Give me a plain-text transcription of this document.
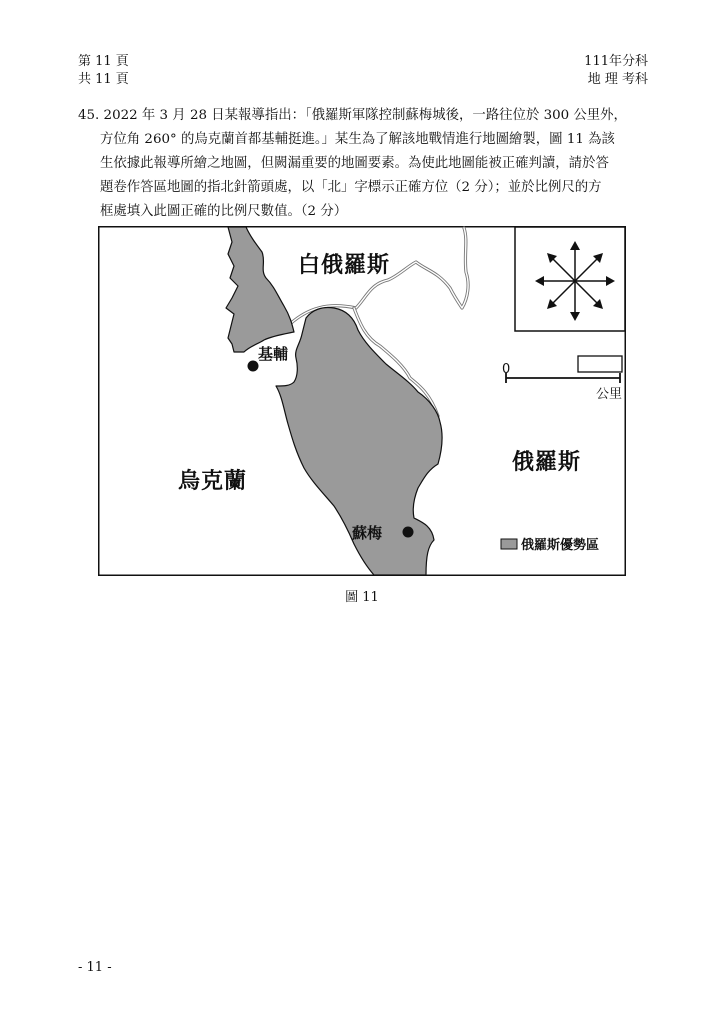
第 11 頁
共 11 頁
111年分科
地 理 考科
45. 2022 年 3 月 28 日某報導指出：「俄羅斯軍隊控制蘇梅城後，一路往位於 300 公里外，
方位角 260° 的烏克蘭首都基輔挺進。」某生為了解該地戰情進行地圖繪製，圖 11 為該
生依據此報導所繪之地圖，但闕漏重要的地圖要素。為使此地圖能被正確判讀，請於答
題卷作答區地圖的指北針箭頭處，以「北」字標示正確方位（2 分）；並於比例尺的方
框處填入此圖正確的比例尺數值。（2 分）
基輔
蘇梅
白俄羅斯
烏克蘭
俄羅斯
0
公里
俄羅斯優勢區
圖 11
- 11 -
